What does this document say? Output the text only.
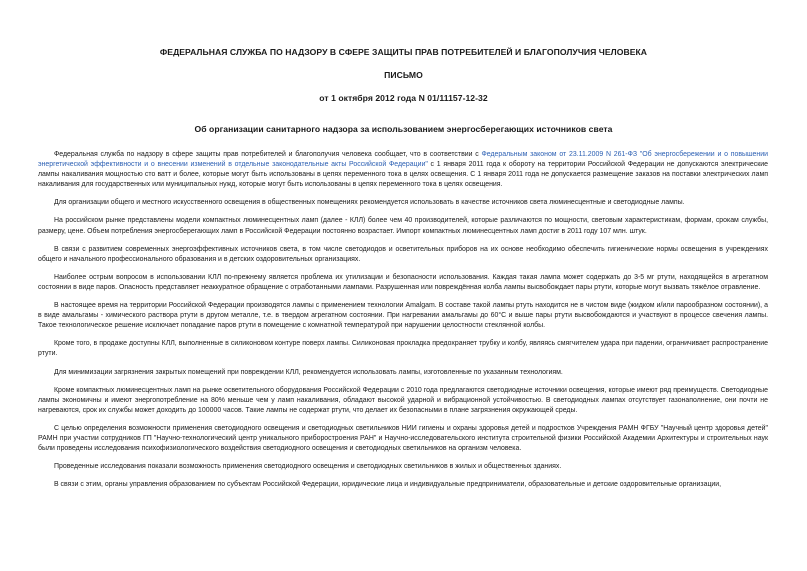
ФЕДЕРАЛЬНАЯ СЛУЖБА ПО НАДЗОРУ В СФЕРЕ ЗАЩИТЫ ПРАВ ПОТРЕБИТЕЛЕЙ И БЛАГОПОЛУЧИЯ ЧЕЛОВЕКА
ПИСЬМО
от 1 октября 2012 года N 01/11157-12-32
Об организации санитарного надзора за использованием энергосберегающих источников света

Федеральная служба по надзору в сфере защиты прав потребителей и благополучия человека сообщает, что в соответствии с Федеральным законом от 23.11.2009 N 261-ФЗ "Об энергосбережении и о повышении энергетической эффективности и о внесении изменений в отдельные законодательные акты Российской Федерации" с 1 января 2011 года к обороту на территории Российской Федерации не допускаются электрические лампы накаливания мощностью сто ватт и более, которые могут быть использованы в цепях переменного тока в целях освещения. С 1 января 2011 года не допускается размещение заказов на поставки электрических ламп накаливания для государственных или муниципальных нужд, которые могут быть использованы в цепях переменного тока в целях освещения.

Для организации общего и местного искусственного освещения в общественных помещениях рекомендуется использовать в качестве источников света люминесцентные и светодиодные лампы.

На российском рынке представлены модели компактных люминесцентных ламп (далее - КЛЛ) более чем 40 производителей, которые различаются по мощности, световым характеристикам, формам, срокам службы, размеру, цене. Объем потребления энергосберегающих ламп в Российской Федерации постоянно возрастает. Импорт компактных люминесцентных ламп достиг в 2011 году 107 млн. штук.

В связи с развитием современных энергоэффективных источников света, в том числе светодиодов и осветительных приборов на их основе необходимо обеспечить гигиенические нормы освещения в учреждениях общего и начального профессионального образования и в детских оздоровительных организациях.

Наиболее острым вопросом в использовании КЛЛ по-прежнему является проблема их утилизации и безопасности использования. Каждая такая лампа может содержать до 3-5 мг ртути, находящейся в агрегатном состоянии в виде паров. Опасность представляет неаккуратное обращение с отработанными лампами. Разрушенная или повреждённая колба лампы высвобождает пары ртути, которые могут вызвать тяжёлое отравление.

В настоящее время на территории Российской Федерации производятся лампы с применением технологии Amalgam. В составе такой лампы ртуть находится не в чистом виде (жидком и/или парообразном состоянии), а в виде амальгамы - химического раствора ртути в другом металле, т.е. в твердом агрегатном состоянии. При нагревании амальгамы до 60°C и выше пары ртути высвобождаются и участвуют в процессе свечения лампы. Такое технологическое решение исключает попадание паров ртути в помещение с комнатной температурой при нарушении целостности стеклянной колбы.

Кроме того, в продаже доступны КЛЛ, выполненные в силиконовом контуре поверх лампы. Силиконовая прокладка предохраняет трубку и колбу, являясь смягчителем удара при падении, ограничивает распространение ртути.

Для минимизации загрязнения закрытых помещений при повреждении КЛЛ, рекомендуется использовать лампы, изготовленные по указанным технологиям.

Кроме компактных люминесцентных ламп на рынке осветительного оборудования Российской Федерации с 2010 года предлагаются светодиодные источники освещения, которые имеют ряд преимуществ. Светодиодные лампы экономичны и имеют энергопотребление на 80% меньше чем у ламп накаливания, обладают высокой ударной и вибрационной устойчивостью. В светодиодных лампах отсутствует газонаполнение, они почти не нагреваются, срок их службы может доходить до 100000 часов. Такие лампы не содержат ртути, что делает их безопасными в плане загрязнения окружающей среды.

С целью определения возможности применения светодиодного освещения и светодиодных светильников НИИ гигиены и охраны здоровья детей и подростков Учреждения РАМН ФГБУ "Научный центр здоровья детей" РАМН при участии сотрудников ГП "Научно-технологический центр уникального приборостроения РАН" и Научно-исследовательского института строительной физики Российской Академии Архитектуры и строительных наук были проведены исследования психофизиологического воздействия светодиодного освещения и светодиодных светильников на организм человека.

Проведенные исследования показали возможность применения светодиодного освещения и светодиодных светильников в жилых и общественных зданиях.

В связи с этим, органы управления образованием по субъектам Российской Федерации, юридические лица и индивидуальные предприниматели, образовательные и детские оздоровительные организации,
